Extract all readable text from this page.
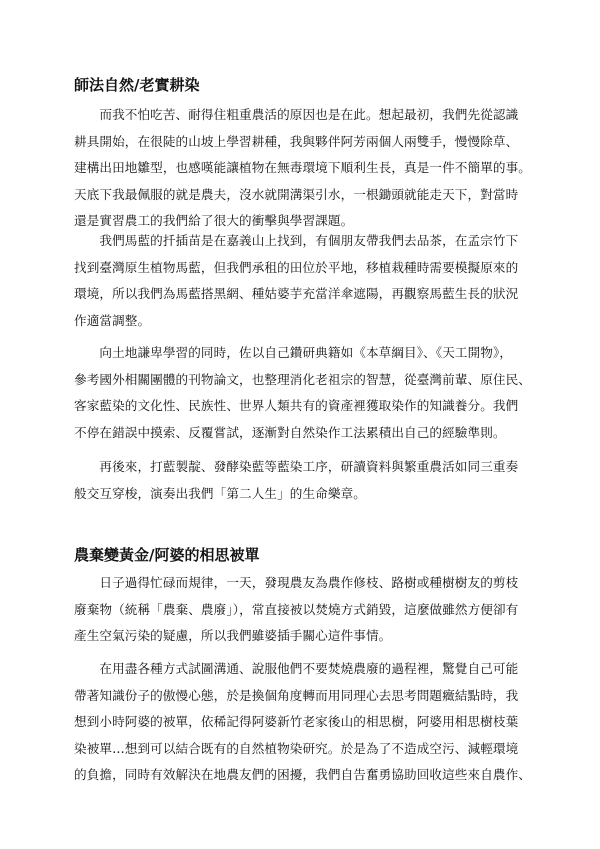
師法自然/老實耕染
　　而我不怕吃苦、耐得住粗重農活的原因也是在此。想起最初，我們先從認識
耕具開始，在很陡的山坡上學習耕種，我與夥伴阿芳兩個人兩雙手，慢慢除草、
建構出田地雛型，也感嘆能讓植物在無毒環境下順利生長，真是一件不簡單的事。
天底下我最佩服的就是農夫，沒水就開溝渠引水，一根鋤頭就能走天下，對當時
還是實習農工的我們給了很大的衝擊與學習課題。
　　我們馬藍的扦插苗是在嘉義山上找到，有個朋友帶我們去品茶，在孟宗竹下
找到臺灣原生植物馬藍，但我們承租的田位於平地，移植栽種時需要模擬原來的
環境，所以我們為馬藍搭黑網、種姑婆芋充當洋傘遮陽，再觀察馬藍生長的狀況
作適當調整。
　　向土地謙卑學習的同時，佐以自己鑽研典籍如《本草綱目》、《天工開物》，
參考國外相關團體的刊物論文，也整理消化老祖宗的智慧，從臺灣前輩、原住民、
客家藍染的文化性、民族性、世界人類共有的資產裡獲取染作的知識養分。我們
不停在錯誤中摸索、反覆嘗試，逐漸對自然染作工法累積出自己的經驗準則。
　　再後來，打藍製靛、發酵染藍等藍染工序，研讀資料與繁重農活如同三重奏
般交互穿梭，演奏出我們「第二人生」的生命樂章。
農棄變黃金/阿婆的相思被單
　　日子過得忙碌而規律，一天，發現農友為農作修枝、路樹或種樹樹友的剪枝
廢棄物（統稱「農棄、農廢」），常直接被以焚燒方式銷毀，這麼做雖然方便卻有
產生空氣污染的疑慮，所以我們雖婆插手關心這件事情。
　　在用盡各種方式試圖溝通、說服他們不要焚燒農廢的過程裡，驚覺自己可能
帶著知識份子的傲慢心態，於是換個角度轉而用同理心去思考問題癥結點時，我
想到小時阿婆的被單，依稀記得阿婆新竹老家後山的相思樹，阿婆用相思樹枝葉
染被單…想到可以結合既有的自然植物染研究。於是為了不造成空污、減輕環境
的負擔，同時有效解決在地農友們的困擾，我們自告奮勇協助回收這些來自農作、
